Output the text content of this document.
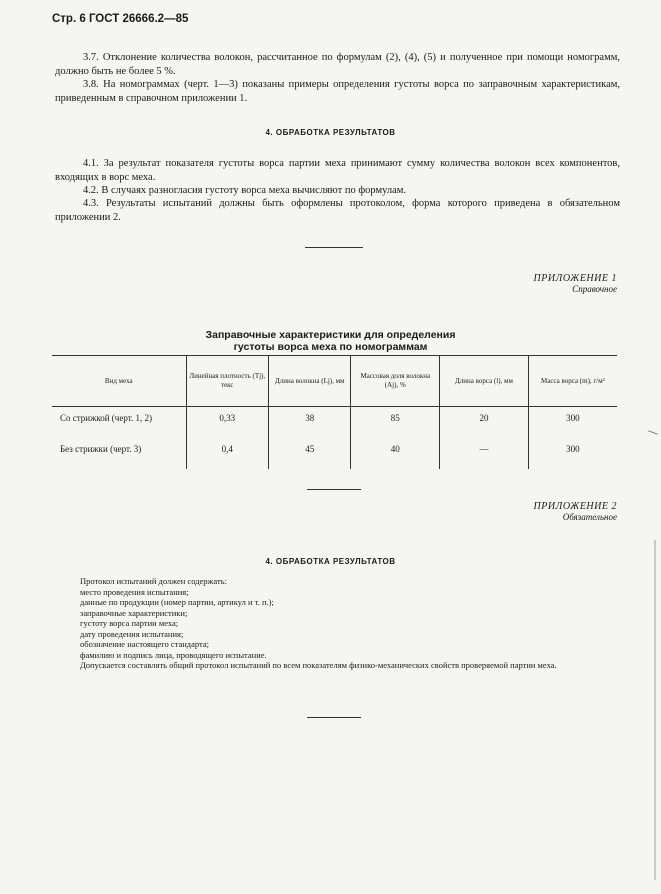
Стр. 6 ГОСТ 26666.2—85
3.7. Отклонение количества волокон, рассчитанное по формулам (2), (4), (5) и полученное при помощи номограмм, должно быть не более 5 %.
3.8. На номограммах (черт. 1—3) показаны примеры определения густоты ворса по заправочным характеристикам, приведенным в справочном приложении 1.
4. ОБРАБОТКА РЕЗУЛЬТАТОВ
4.1. За результат показателя густоты ворса партии меха принимают сумму количества волокон всех компонентов, входящих в ворс меха.
4.2. В случаях разногласия густоту ворса меха вычисляют по формулам.
4.3. Результаты испытаний должны быть оформлены протоколом, форма которого приведена в обязательном приложении 2.
ПРИЛОЖЕНИЕ 1
Справочное
Заправочные характеристики для определения
густоты ворса меха по номограммам
Вид меха	Линейная плотность (Tj), текс	Длина волокна (Lj), мм	Массовая доля волокна (Aj), %	Длина ворса (l), мм	Масса ворса (m), г/м²
Со стрижкой (черт. 1, 2)	0,33	38	85	20	300
Без стрижки (черт. 3)	0,4	45	40	—	300
ПРИЛОЖЕНИЕ 2
Обязательное
4. ОБРАБОТКА РЕЗУЛЬТАТОВ
Протокол испытаний должен содержать:
место проведения испытания;
данные по продукции (номер партии, артикул и т. п.);
заправочные характеристики;
густоту ворса партии меха;
дату проведения испытания;
обозначение настоящего стандарта;
фамилию и подпись лица, проводящего испытание.
Допускается составлять общий протокол испытаний по всем показателям физико-механических свойств проверяемой партии меха.
